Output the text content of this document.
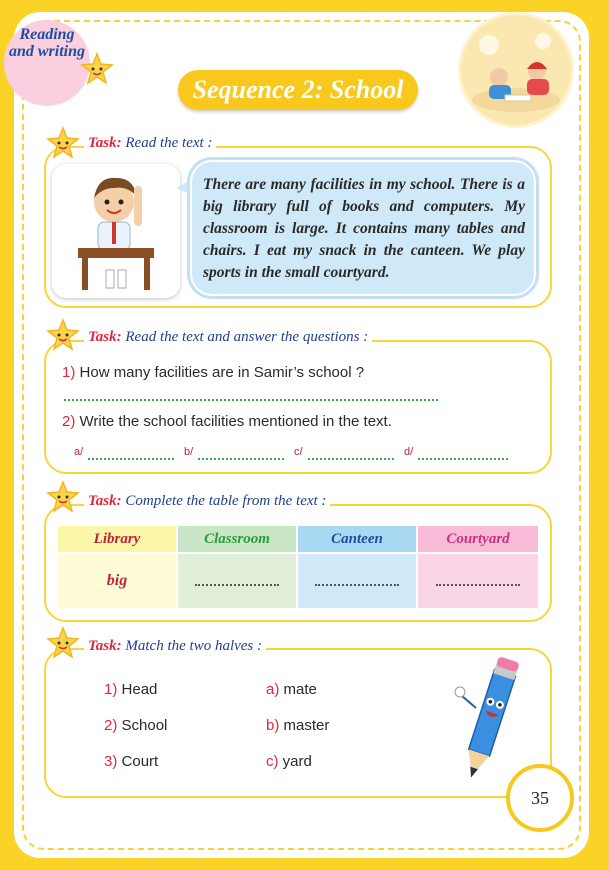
Reading and writing
Sequence 2: School
Task: Read the text :
There are many facilities in my school. There is a big library full of books and computers. My classroom is large. It contains many tables and chairs. I eat my snack in the canteen. We play sports in the small courtyard.
Task: Read the text and answer the questions :
1) How many facilities are in Samir’s school ?
2) Write the school facilities mentioned in the text.
a/	b/	c/	d/
Task: Complete the table from the text :
Library	Classroom	Canteen	Courtyard
big
Task: Match the two halves :
1) Head
2) School
3) Court
a) mate
b) master
c) yard
35
